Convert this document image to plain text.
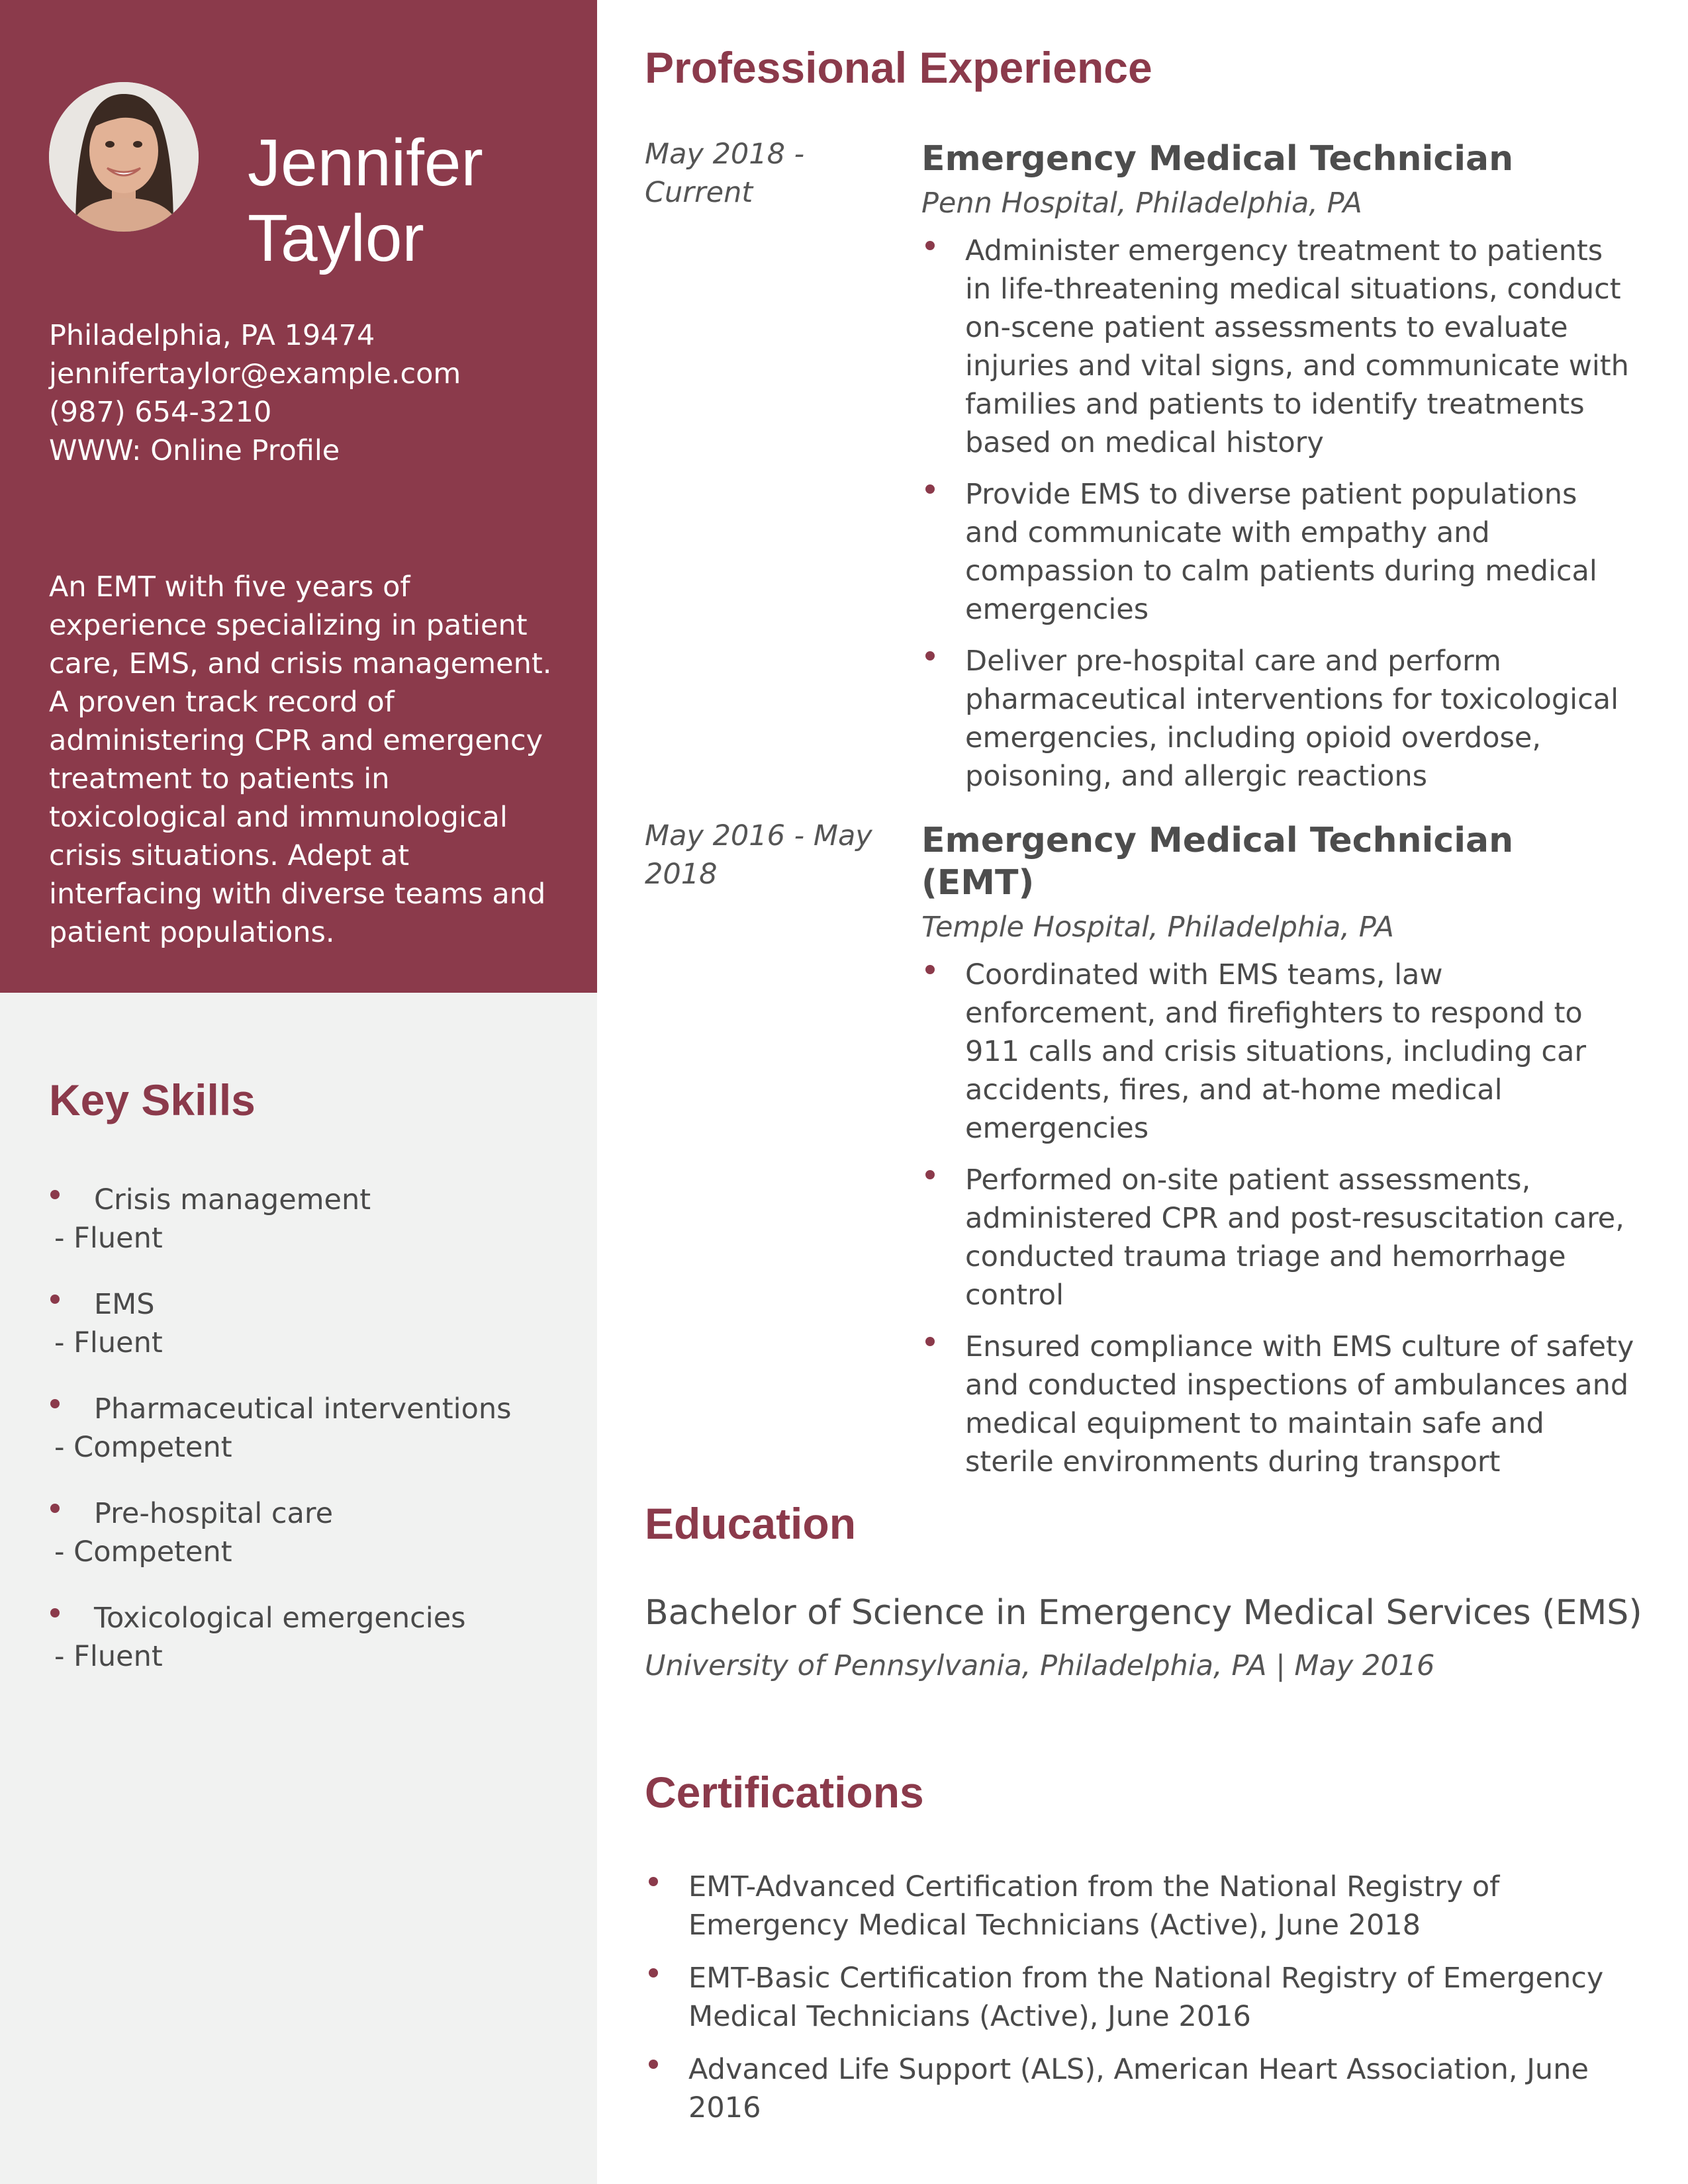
Jennifer
Taylor
Philadelphia, PA 19474
jennifertaylor@example.com
(987) 654-3210
WWW: Online Profile
An EMT with five years of experience specializing in patient care, EMS, and crisis management. A proven track record of administering CPR and emergency treatment to patients in toxicological and immunological crisis situations. Adept at interfacing with diverse teams and patient populations.
Key Skills
Crisis management
- Fluent
EMS
- Fluent
Pharmaceutical interventions
- Competent
Pre-hospital care
- Competent
Toxicological emergencies
- Fluent
Professional Experience
May 2018 - Current
Emergency Medical Technician
Penn Hospital, Philadelphia, PA
Administer emergency treatment to patients in life-threatening medical situations, conduct on-scene patient assessments to evaluate injuries and vital signs, and communicate with families and patients to identify treatments based on medical history
Provide EMS to diverse patient populations and communicate with empathy and compassion to calm patients during medical emergencies
Deliver pre-hospital care and perform pharmaceutical interventions for toxicological emergencies, including opioid overdose, poisoning, and allergic reactions
May 2016 - May 2018
Emergency Medical Technician (EMT)
Temple Hospital, Philadelphia, PA
Coordinated with EMS teams, law enforcement, and firefighters to respond to 911 calls and crisis situations, including car accidents, fires, and at-home medical emergencies
Performed on-site patient assessments, administered CPR and post-resuscitation care, conducted trauma triage and hemorrhage control
Ensured compliance with EMS culture of safety and conducted inspections of ambulances and medical equipment to maintain safe and sterile environments during transport
Education
Bachelor of Science in Emergency Medical Services (EMS)
University of Pennsylvania, Philadelphia, PA | May 2016
Certifications
EMT-Advanced Certification from the National Registry of Emergency Medical Technicians (Active), June 2018
EMT-Basic Certification from the National Registry of Emergency Medical Technicians (Active), June 2016
Advanced Life Support (ALS), American Heart Association, June 2016
